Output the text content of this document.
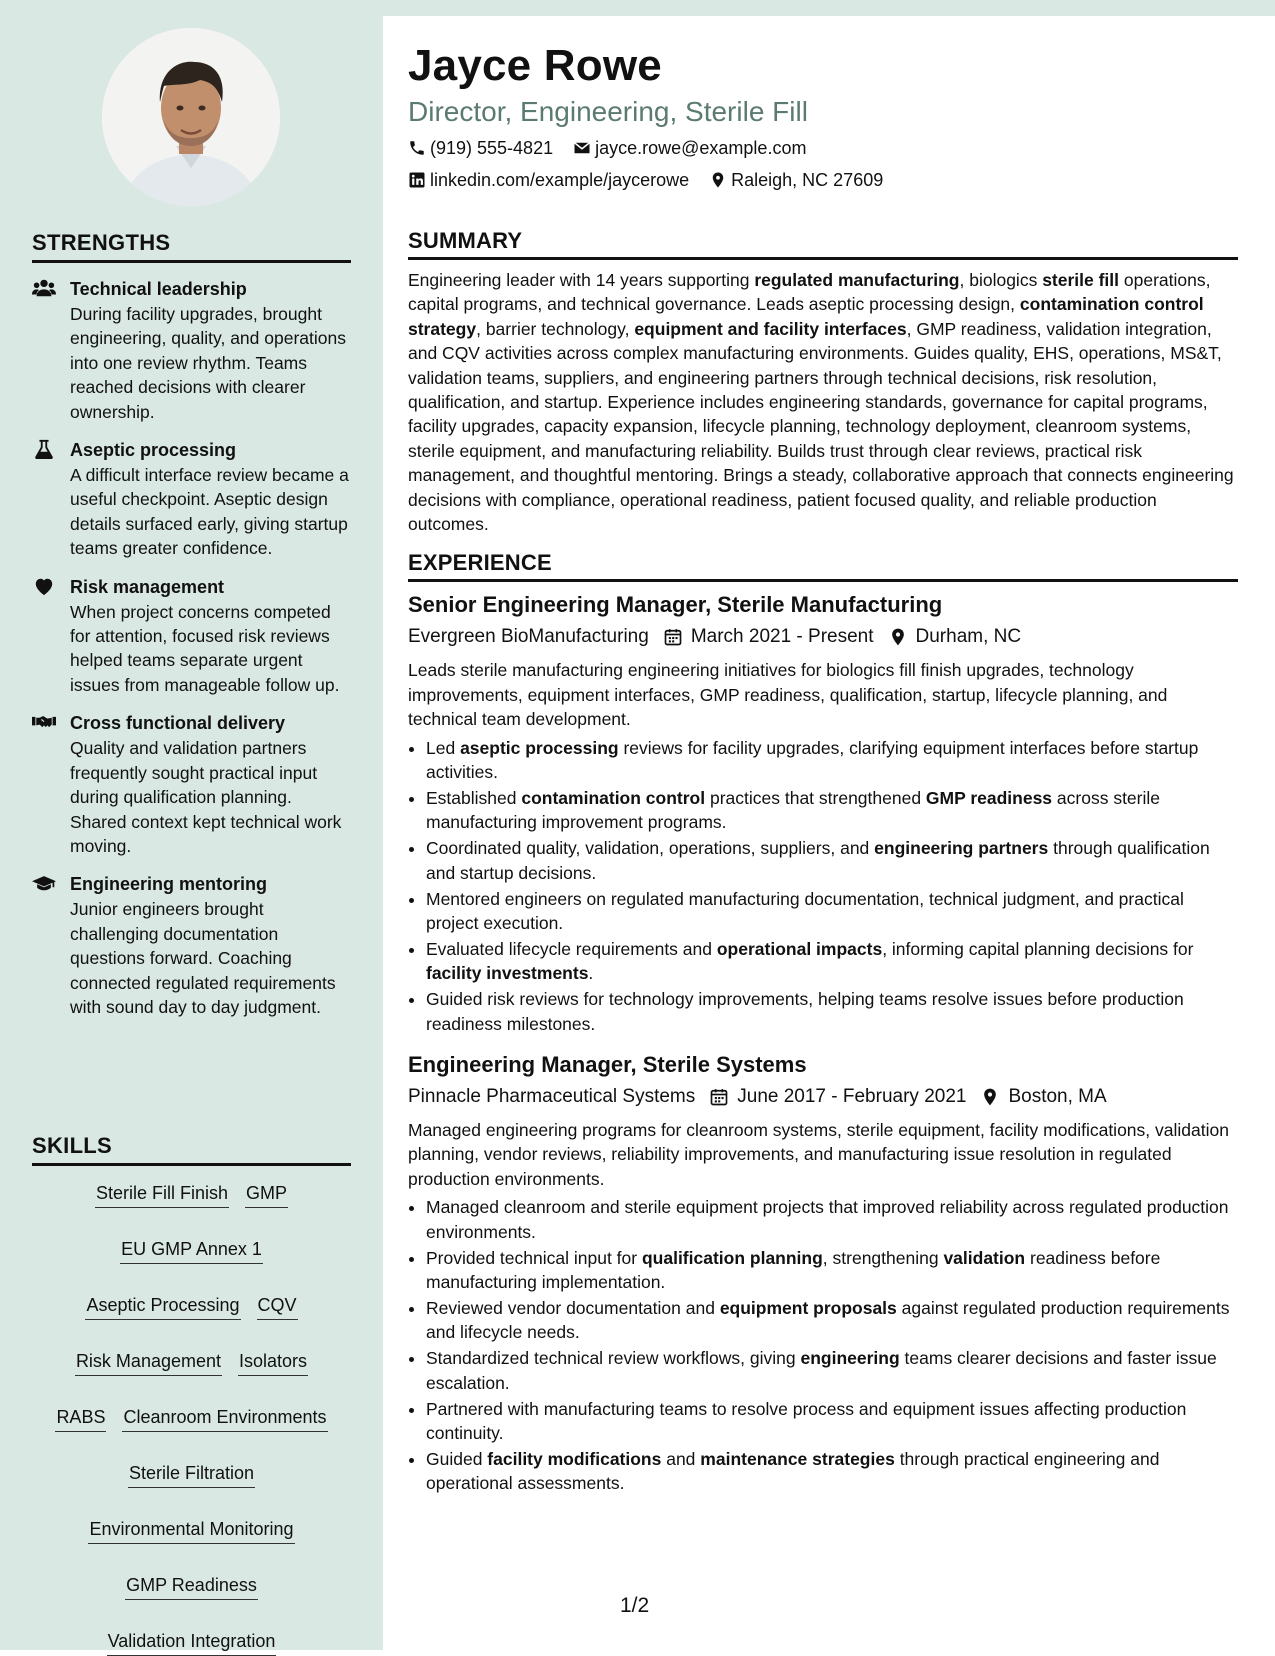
STRENGTHS
Technical leadership
During facility upgrades, brought engineering, quality, and operations into one review rhythm. Teams reached decisions with clearer ownership.
Aseptic processing
A difficult interface review became a useful checkpoint. Aseptic design details surfaced early, giving startup teams greater confidence.
Risk management
When project concerns competed for attention, focused risk reviews helped teams separate urgent issues from manageable follow up.
Cross functional delivery
Quality and validation partners frequently sought practical input during qualification planning. Shared context kept technical work moving.
Engineering mentoring
Junior engineers brought challenging documentation questions forward. Coaching connected regulated requirements with sound day to day judgment.
SKILLS
Sterile Fill Finish GMP
EU GMP Annex 1
Aseptic Processing CQV
Risk Management Isolators
RABS Cleanroom Environments
Sterile Filtration
Environmental Monitoring
GMP Readiness
Validation Integration
Jayce Rowe
Director, Engineering, Sterile Fill
(919) 555-4821 jayce.rowe@example.com
linkedin.com/example/jaycerowe Raleigh, NC 27609
SUMMARY
Engineering leader with 14 years supporting regulated manufacturing, biologics sterile fill operations, capital programs, and technical governance. Leads aseptic processing design, contamination control strategy, barrier technology, equipment and facility interfaces, GMP readiness, validation integration, and CQV activities across complex manufacturing environments. Guides quality, EHS, operations, MS&T, validation teams, suppliers, and engineering partners through technical decisions, risk resolution, qualification, and startup. Experience includes engineering standards, governance for capital programs, facility upgrades, capacity expansion, lifecycle planning, technology deployment, cleanroom systems, sterile equipment, and manufacturing reliability. Builds trust through clear reviews, practical risk management, and thoughtful mentoring. Brings a steady, collaborative approach that connects engineering decisions with compliance, operational readiness, patient focused quality, and reliable production outcomes.
EXPERIENCE
Senior Engineering Manager, Sterile Manufacturing
Evergreen BioManufacturing March 2021 - Present Durham, NC
Leads sterile manufacturing engineering initiatives for biologics fill finish upgrades, technology improvements, equipment interfaces, GMP readiness, qualification, startup, lifecycle planning, and technical team development.
• Led aseptic processing reviews for facility upgrades, clarifying equipment interfaces before startup activities.
• Established contamination control practices that strengthened GMP readiness across sterile manufacturing improvement programs.
• Coordinated quality, validation, operations, suppliers, and engineering partners through qualification and startup decisions.
• Mentored engineers on regulated manufacturing documentation, technical judgment, and practical project execution.
• Evaluated lifecycle requirements and operational impacts, informing capital planning decisions for facility investments.
• Guided risk reviews for technology improvements, helping teams resolve issues before production readiness milestones.
Engineering Manager, Sterile Systems
Pinnacle Pharmaceutical Systems June 2017 - February 2021 Boston, MA
Managed engineering programs for cleanroom systems, sterile equipment, facility modifications, validation planning, vendor reviews, reliability improvements, and manufacturing issue resolution in regulated production environments.
• Managed cleanroom and sterile equipment projects that improved reliability across regulated production environments.
• Provided technical input for qualification planning, strengthening validation readiness before manufacturing implementation.
• Reviewed vendor documentation and equipment proposals against regulated production requirements and lifecycle needs.
• Standardized technical review workflows, giving engineering teams clearer decisions and faster issue escalation.
• Partnered with manufacturing teams to resolve process and equipment issues affecting production continuity.
• Guided facility modifications and maintenance strategies through practical engineering and operational assessments.
1/2
